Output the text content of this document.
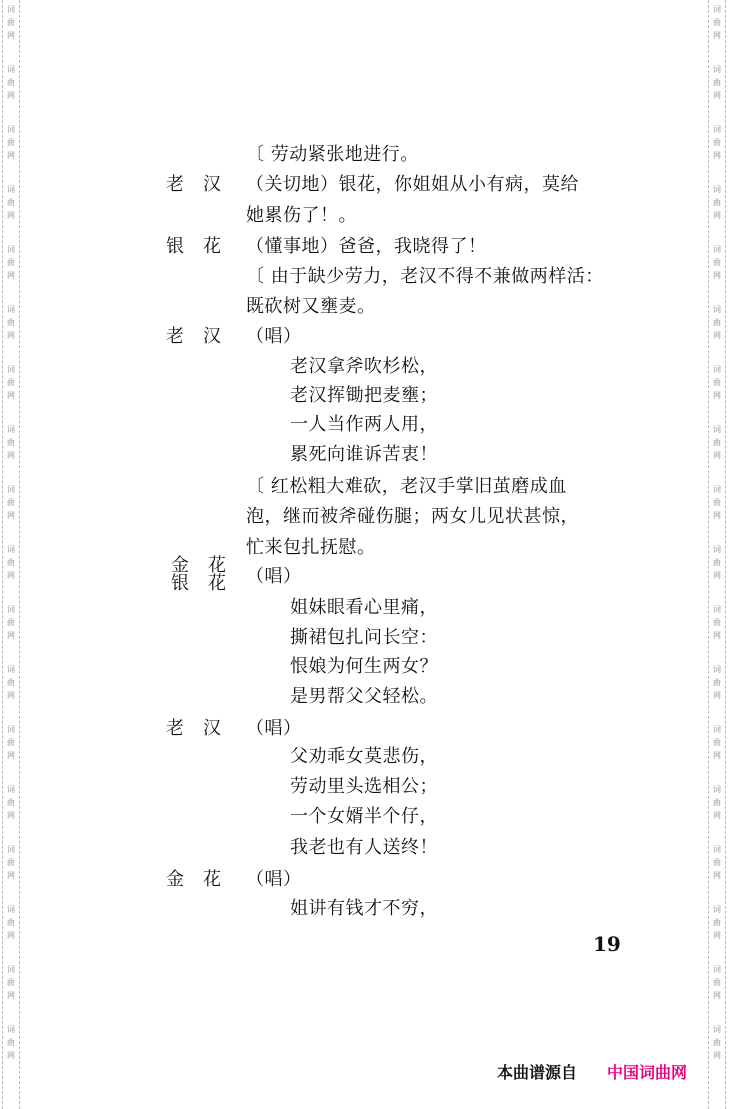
词
曲
网
词
曲
网
词
曲
网
词
曲
网
词
曲
网
词
曲
网
词
曲
网
词
曲
网
词
曲
网
词
曲
网
词
曲
网
词
曲
网
词
曲
网
词
曲
网
词
曲
网
词
曲
网
词
曲
网
词
曲
网
词
曲
网
词
曲
网
词
曲
网
词
曲
网
词
曲
网
词
曲
网
词
曲
网
词
曲
网
词
曲
网
词
曲
网
词
曲
网
词
曲
网
词
曲
网
词
曲
网
词
曲
网
词
曲
网
词
曲
网
词
曲
网
老　汉
银　花
老　汉
金　花
银　花
老　汉
金　花
〔 劳动紧张地进行。
（关切地）银花，你姐姐从小有病，莫给
她累伤了！。
（懂事地）爸爸，我晓得了！
〔 由于缺少劳力，老汉不得不兼做两样活：
既砍树又壅麦。
（唱）
老汉拿斧吹杉松，
老汉挥锄把麦壅；
一人当作两人用，
累死向谁诉苦衷！
〔 红松粗大难砍，老汉手掌旧茧磨成血
泡，继而被斧碰伤腿；两女儿见状甚惊，
忙来包扎抚慰。
（唱）
姐妹眼看心里痛，
撕裙包扎问长空：
恨娘为何生两女？
是男帮父父轻松。
（唱）
父劝乖女莫悲伤，
劳动里头选相公；
一个女婿半个仔，
我老也有人送终！
（唱）
姐讲有钱才不穷，
19
本曲谱源自 中国词曲网
